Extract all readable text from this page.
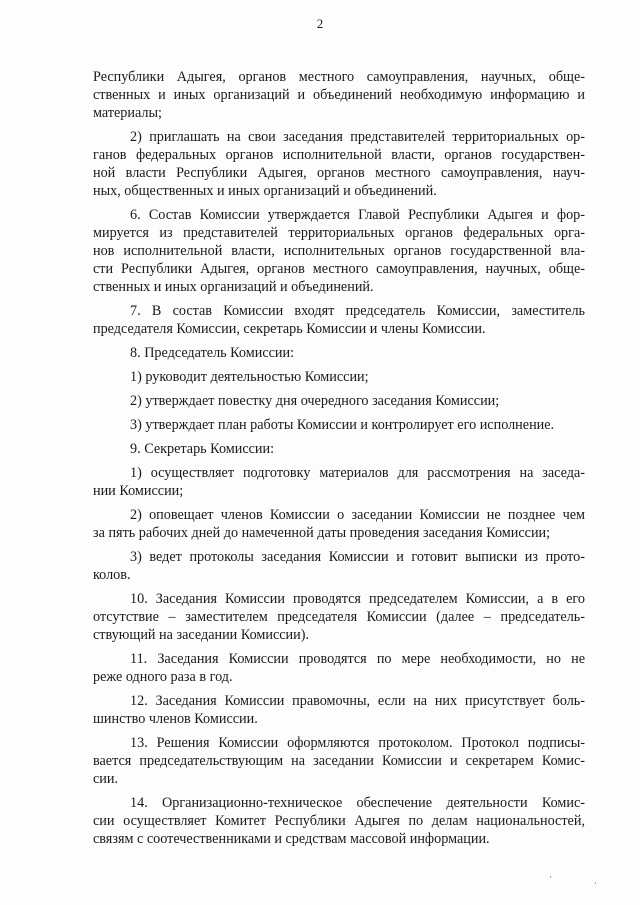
2
Республики Адыгея, органов местного самоуправления, научных, обще-
ственных и иных организаций и объединений необходимую информацию и
материалы;
2) приглашать на свои заседания представителей территориальных ор-
ганов федеральных органов исполнительной власти, органов государствен-
ной власти Республики Адыгея, органов местного самоуправления, науч-
ных, общественных и иных организаций и объединений.
6. Состав Комиссии утверждается Главой Республики Адыгея и фор-
мируется из представителей территориальных органов федеральных орга-
нов исполнительной власти, исполнительных органов государственной вла-
сти Республики Адыгея, органов местного самоуправления, научных, обще-
ственных и иных организаций и объединений.
7. В состав Комиссии входят председатель Комиссии, заместитель
председателя Комиссии, секретарь Комиссии и члены Комиссии.
8. Председатель Комиссии:
1) руководит деятельностью Комиссии;
2) утверждает повестку дня очередного заседания Комиссии;
3) утверждает план работы Комиссии и контролирует его исполнение.
9. Секретарь Комиссии:
1) осуществляет подготовку материалов для рассмотрения на заседа-
нии Комиссии;
2) оповещает членов Комиссии о заседании Комиссии не позднее чем
за пять рабочих дней до намеченной даты проведения заседания Комиссии;
3) ведет протоколы заседания Комиссии и готовит выписки из прото-
колов.
10. Заседания Комиссии проводятся председателем Комиссии, а в его
отсутствие – заместителем председателя Комиссии (далее – председатель-
ствующий на заседании Комиссии).
11. Заседания Комиссии проводятся по мере необходимости, но не
реже одного раза в год.
12. Заседания Комиссии правомочны, если на них присутствует боль-
шинство членов Комиссии.
13. Решения Комиссии оформляются протоколом. Протокол подписы-
вается председательствующим на заседании Комиссии и секретарем Комис-
сии.
14. Организационно-техническое обеспечение деятельности Комис-
сии осуществляет Комитет Республики Адыгея по делам национальностей,
связям с соотечественниками и средствам массовой информации.
·
·
